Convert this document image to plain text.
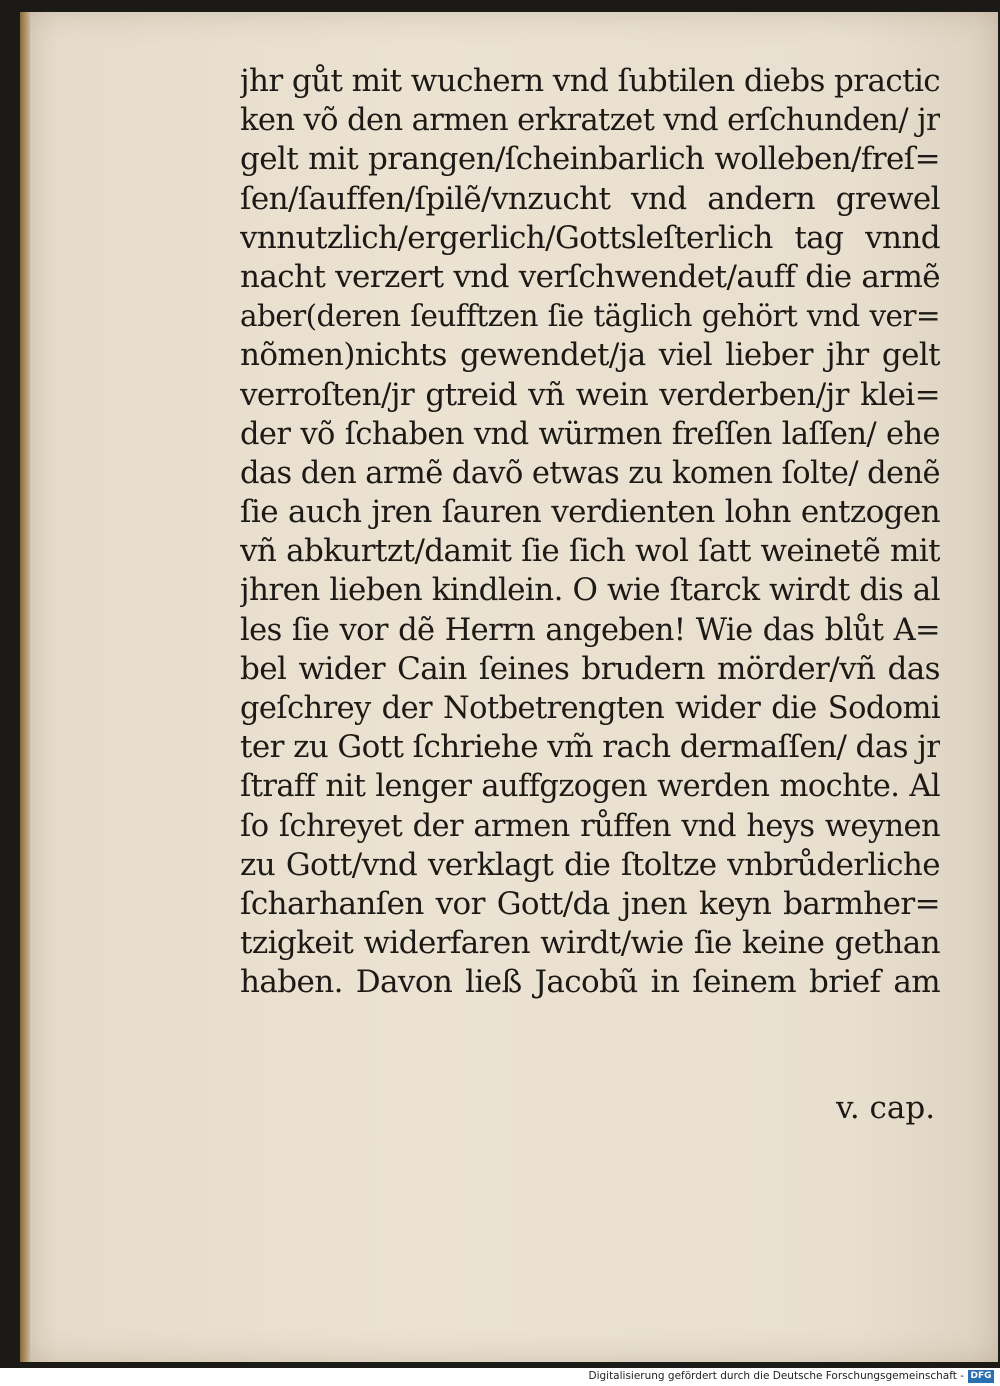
jhr gůt mit wuchern vnd ſubtilen diebs practic
ken võ den armen erkratzet vnd erſchunden/ jr
gelt mit prangen/ſcheinbarlich wolleben/freſ=
ſen/ſauffen/ſpilẽ/vnzucht vnd andern grewel
vnnutzlich/ergerlich/Gottsleſterlich tag vnnd
nacht verzert vnd verſchwendet/auff die armẽ
aber(deren ſeufftzen ſie täglich gehört vnd ver=
nõmen)nichts gewendet/ja viel lieber jhr gelt
verroſten/jr gtreid vñ wein verderben/jr klei=
der võ ſchaben vnd würmen freſſen laſſen/ ehe
das den armẽ davõ etwas zu komen ſolte/ denẽ
ſie auch jren ſauren verdienten lohn entzogen
vñ abkurtzt/damit ſie ſich wol ſatt weinetẽ mit
jhren lieben kindlein. O wie ſtarck wirdt dis al
les ſie vor dẽ Herrn angeben! Wie das blůt A=
bel wider Cain ſeines brudern mörder/vñ das
geſchrey der Notbetrengten wider die Sodomi
ter zu Gott ſchriehe vm̃ rach dermaſſen/ das jr
ſtraff nit lenger auffgzogen werden mochte. Al
ſo ſchreyet der armen růffen vnd heys weynen
zu Gott/vnd verklagt die ſtoltze vnbrůderliche
ſcharhanſen vor Gott/da jnen keyn barmher=
tzigkeit widerfaren wirdt/wie ſie keine gethan
haben. Davon ließ Jacobũ in ſeinem brief am
v. cap.
Digitalisierung gefördert durch die Deutsche Forschungsgemeinschaft - DFG
